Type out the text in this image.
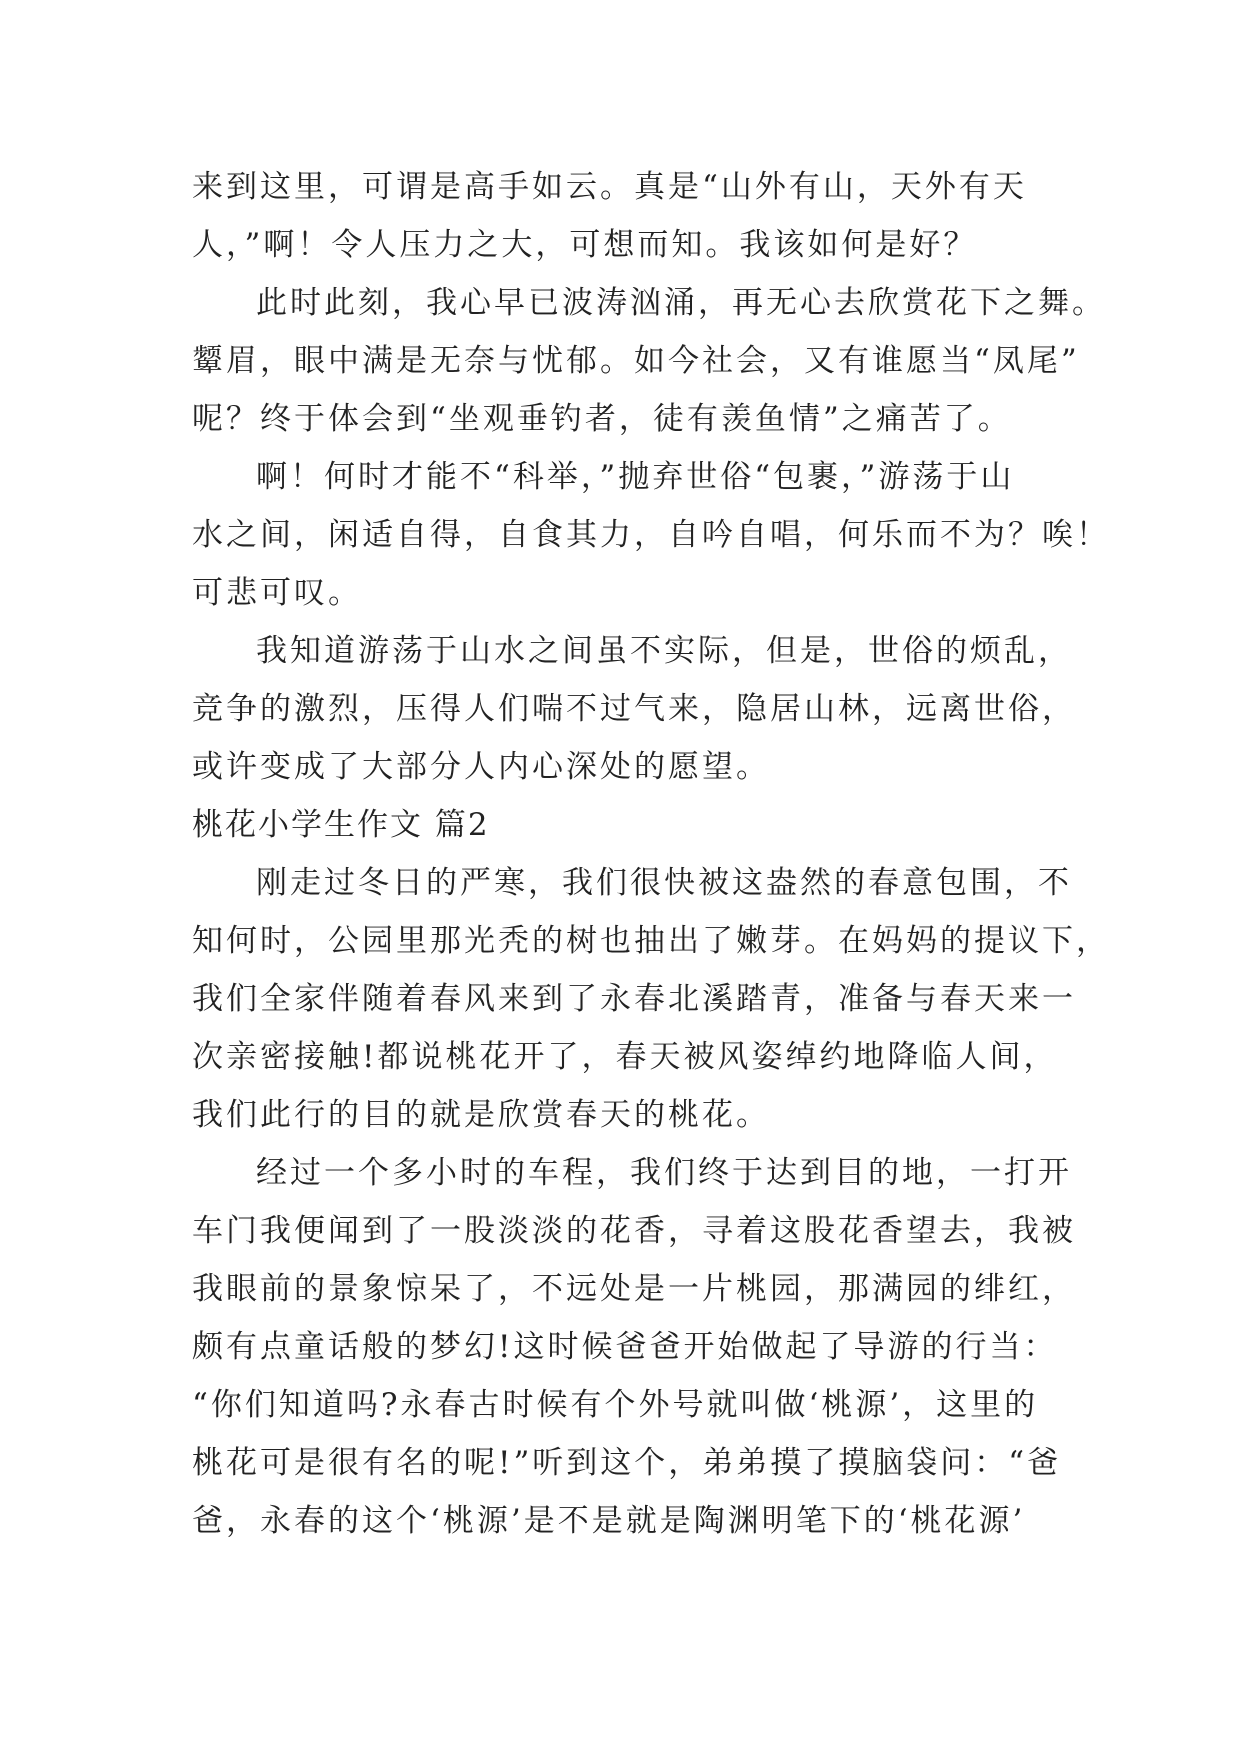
来到这里，可谓是高手如云。真是“山外有山，天外有天
人，”啊！令人压力之大，可想而知。我该如何是好？
此时此刻，我心早已波涛汹涌，再无心去欣赏花下之舞。
颦眉，眼中满是无奈与忧郁。如今社会，又有谁愿当“凤尾”
呢？终于体会到“坐观垂钓者，徒有羡鱼情”之痛苦了。
啊！何时才能不“科举，”抛弃世俗“包裹，”游荡于山
水之间，闲适自得，自食其力，自吟自唱，何乐而不为？唉！
可悲可叹。
我知道游荡于山水之间虽不实际，但是，世俗的烦乱，
竞争的激烈，压得人们喘不过气来，隐居山林，远离世俗，
或许变成了大部分人内心深处的愿望。
桃花小学生作文 篇2
刚走过冬日的严寒，我们很快被这盎然的春意包围，不
知何时，公园里那光秃的树也抽出了嫩芽。在妈妈的提议下，
我们全家伴随着春风来到了永春北溪踏青，准备与春天来一
次亲密接触!都说桃花开了，春天被风姿绰约地降临人间，
我们此行的目的就是欣赏春天的桃花。
经过一个多小时的车程，我们终于达到目的地，一打开
车门我便闻到了一股淡淡的花香，寻着这股花香望去，我被
我眼前的景象惊呆了，不远处是一片桃园，那满园的绯红，
颇有点童话般的梦幻!这时候爸爸开始做起了导游的行当：
“你们知道吗?永春古时候有个外号就叫做‘桃源’，这里的
桃花可是很有名的呢!”听到这个，弟弟摸了摸脑袋问：“爸
爸，永春的这个‘桃源’是不是就是陶渊明笔下的‘桃花源’
